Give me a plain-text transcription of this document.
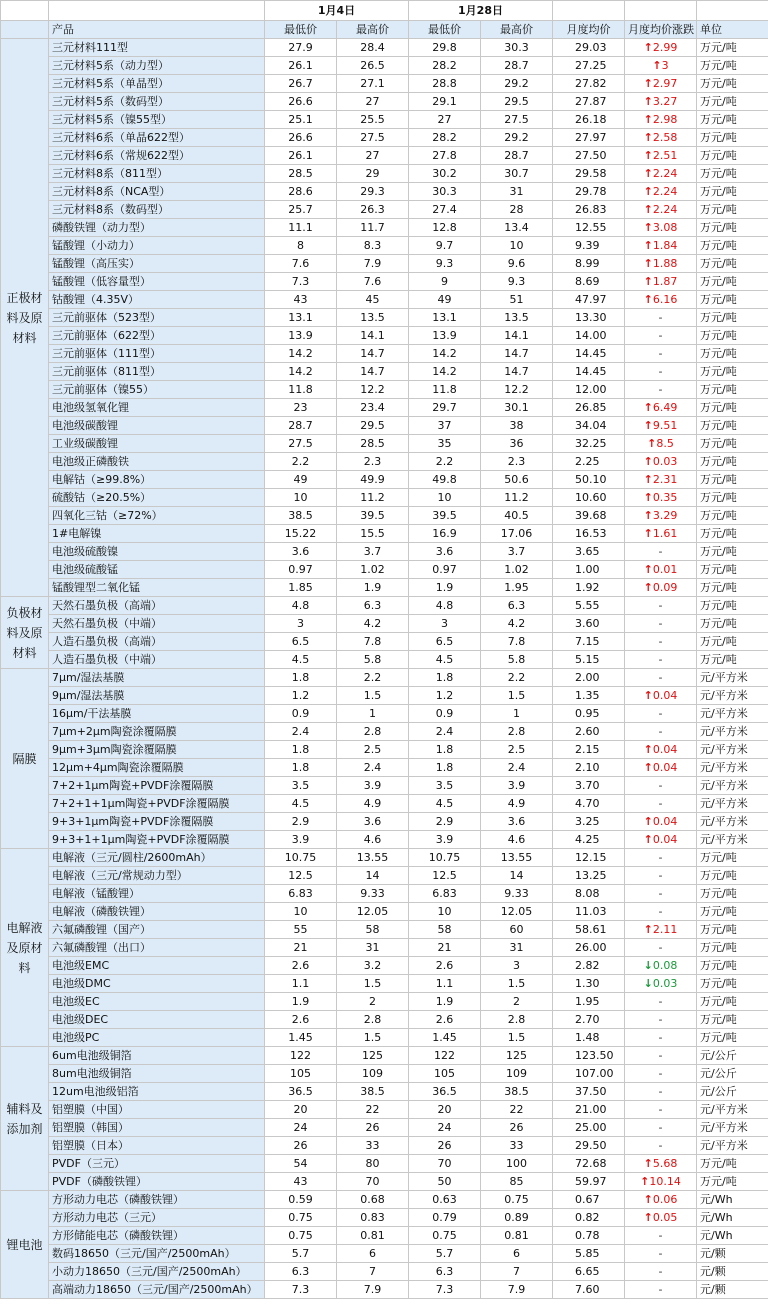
		1月4日		1月28日				
	产品	最低价	最高价	最低价	最高价	月度均价	月度均价涨跌	单位
正极材料及原材料	三元材料111型	27.9	28.4	29.8	30.3	29.03	↑2.99	万元/吨
	三元材料5系（动力型）	26.1	26.5	28.2	28.7	27.25	↑3	万元/吨
	三元材料5系（单晶型）	26.7	27.1	28.8	29.2	27.82	↑2.97	万元/吨
	三元材料5系（数码型）	26.6	27	29.1	29.5	27.87	↑3.27	万元/吨
	三元材料5系（镍55型）	25.1	25.5	27	27.5	26.18	↑2.98	万元/吨
	三元材料6系（单晶622型）	26.6	27.5	28.2	29.2	27.97	↑2.58	万元/吨
	三元材料6系（常规622型）	26.1	27	27.8	28.7	27.50	↑2.51	万元/吨
	三元材料8系（811型）	28.5	29	30.2	30.7	29.58	↑2.24	万元/吨
	三元材料8系（NCA型）	28.6	29.3	30.3	31	29.78	↑2.24	万元/吨
	三元材料8系（数码型）	25.7	26.3	27.4	28	26.83	↑2.24	万元/吨
	磷酸铁锂（动力型）	11.1	11.7	12.8	13.4	12.55	↑3.08	万元/吨
	锰酸锂（小动力）	8	8.3	9.7	10	9.39	↑1.84	万元/吨
	锰酸锂（高压实）	7.6	7.9	9.3	9.6	8.99	↑1.88	万元/吨
	锰酸锂（低容量型）	7.3	7.6	9	9.3	8.69	↑1.87	万元/吨
	钴酸锂（4.35V）	43	45	49	51	47.97	↑6.16	万元/吨
	三元前驱体（523型）	13.1	13.5	13.1	13.5	13.30	-	万元/吨
	三元前驱体（622型）	13.9	14.1	13.9	14.1	14.00	-	万元/吨
	三元前驱体（111型）	14.2	14.7	14.2	14.7	14.45	-	万元/吨
	三元前驱体（811型）	14.2	14.7	14.2	14.7	14.45	-	万元/吨
	三元前驱体（镍55）	11.8	12.2	11.8	12.2	12.00	-	万元/吨
	电池级氢氧化锂	23	23.4	29.7	30.1	26.85	↑6.49	万元/吨
	电池级碳酸锂	28.7	29.5	37	38	34.04	↑9.51	万元/吨
	工业级碳酸锂	27.5	28.5	35	36	32.25	↑8.5	万元/吨
	电池级正磷酸铁	2.2	2.3	2.2	2.3	2.25	↑0.03	万元/吨
	电解钴（≥99.8%）	49	49.9	49.8	50.6	50.10	↑2.31	万元/吨
	硫酸钴（≥20.5%）	10	11.2	10	11.2	10.60	↑0.35	万元/吨
	四氧化三钴（≥72%）	38.5	39.5	39.5	40.5	39.68	↑3.29	万元/吨
	1#电解镍	15.22	15.5	16.9	17.06	16.53	↑1.61	万元/吨
	电池级硫酸镍	3.6	3.7	3.6	3.7	3.65	-	万元/吨
	电池级硫酸锰	0.97	1.02	0.97	1.02	1.00	↑0.01	万元/吨
	锰酸锂型二氧化锰	1.85	1.9	1.9	1.95	1.92	↑0.09	万元/吨
负极材料及原材料	天然石墨负极（高端）	4.8	6.3	4.8	6.3	5.55	-	万元/吨
	天然石墨负极（中端）	3	4.2	3	4.2	3.60	-	万元/吨
	人造石墨负极（高端）	6.5	7.8	6.5	7.8	7.15	-	万元/吨
	人造石墨负极（中端）	4.5	5.8	4.5	5.8	5.15	-	万元/吨
隔膜	7μm/湿法基膜	1.8	2.2	1.8	2.2	2.00	-	元/平方米
	9μm/湿法基膜	1.2	1.5	1.2	1.5	1.35	↑0.04	元/平方米
	16μm/干法基膜	0.9	1	0.9	1	0.95	-	元/平方米
	7μm+2μm陶瓷涂覆隔膜	2.4	2.8	2.4	2.8	2.60	-	元/平方米
	9μm+3μm陶瓷涂覆隔膜	1.8	2.5	1.8	2.5	2.15	↑0.04	元/平方米
	12μm+4μm陶瓷涂覆隔膜	1.8	2.4	1.8	2.4	2.10	↑0.04	元/平方米
	7+2+1μm陶瓷+PVDF涂覆隔膜	3.5	3.9	3.5	3.9	3.70	-	元/平方米
	7+2+1+1μm陶瓷+PVDF涂覆隔膜	4.5	4.9	4.5	4.9	4.70	-	元/平方米
	9+3+1μm陶瓷+PVDF涂覆隔膜	2.9	3.6	2.9	3.6	3.25	↑0.04	元/平方米
	9+3+1+1μm陶瓷+PVDF涂覆隔膜	3.9	4.6	3.9	4.6	4.25	↑0.04	元/平方米
电解液及原材料	电解液（三元/圆柱/2600mAh）	10.75	13.55	10.75	13.55	12.15	-	万元/吨
	电解液（三元/常规动力型）	12.5	14	12.5	14	13.25	-	万元/吨
	电解液（锰酸锂）	6.83	9.33	6.83	9.33	8.08	-	万元/吨
	电解液（磷酸铁锂）	10	12.05	10	12.05	11.03	-	万元/吨
	六氟磷酸锂（国产）	55	58	58	60	58.61	↑2.11	万元/吨
	六氟磷酸锂（出口）	21	31	21	31	26.00	-	万元/吨
	电池级EMC	2.6	3.2	2.6	3	2.82	↓0.08	万元/吨
	电池级DMC	1.1	1.5	1.1	1.5	1.30	↓0.03	万元/吨
	电池级EC	1.9	2	1.9	2	1.95	-	万元/吨
	电池级DEC	2.6	2.8	2.6	2.8	2.70	-	万元/吨
	电池级PC	1.45	1.5	1.45	1.5	1.48	-	万元/吨
辅料及添加剂	6um电池级铜箔	122	125	122	125	123.50	-	元/公斤
	8um电池级铜箔	105	109	105	109	107.00	-	元/公斤
	12um电池级铝箔	36.5	38.5	36.5	38.5	37.50	-	元/公斤
	铝塑膜（中国）	20	22	20	22	21.00	-	元/平方米
	铝塑膜（韩国）	24	26	24	26	25.00	-	元/平方米
	铝塑膜（日本）	26	33	26	33	29.50	-	元/平方米
	PVDF（三元）	54	80	70	100	72.68	↑5.68	万元/吨
	PVDF（磷酸铁锂）	43	70	50	85	59.97	↑10.14	万元/吨
锂电池	方形动力电芯（磷酸铁锂）	0.59	0.68	0.63	0.75	0.67	↑0.06	元/Wh
	方形动力电芯（三元）	0.75	0.83	0.79	0.89	0.82	↑0.05	元/Wh
	方形储能电芯（磷酸铁锂）	0.75	0.81	0.75	0.81	0.78	-	元/Wh
	数码18650（三元/国产/2500mAh）	5.7	6	5.7	6	5.85	-	元/颗
	小动力18650（三元/国产/2500mAh）	6.3	7	6.3	7	6.65	-	元/颗
	高端动力18650（三元/国产/2500mAh）	7.3	7.9	7.3	7.9	7.60	-	元/颗
